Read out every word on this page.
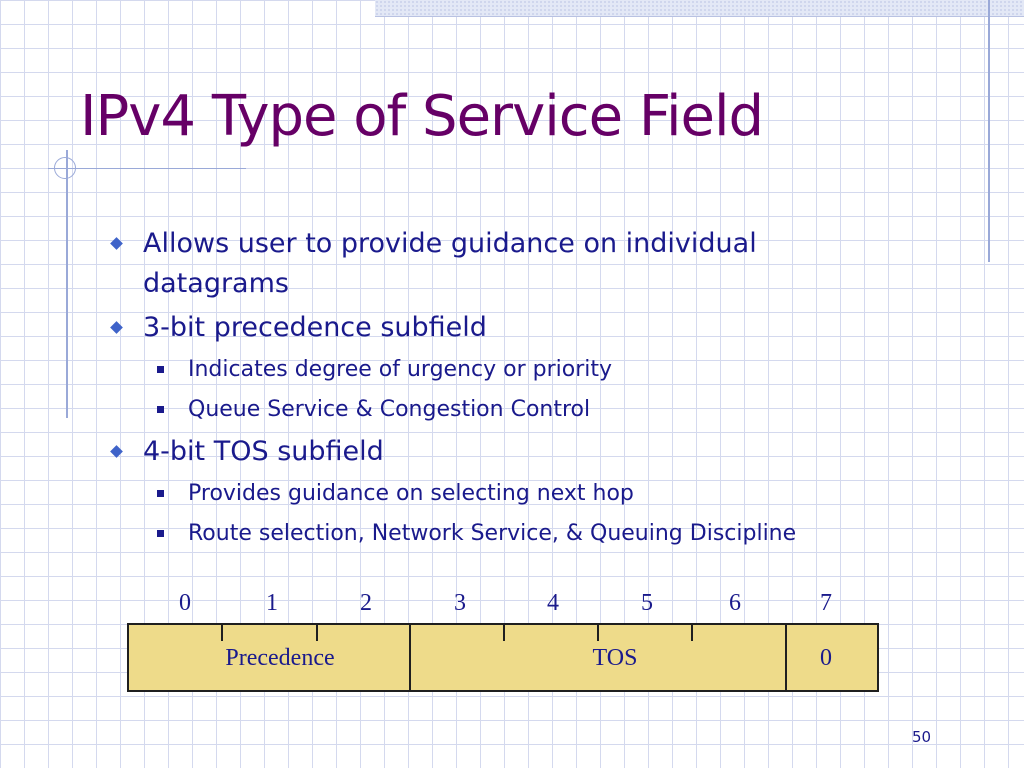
IPv4 Type of Service Field
Allows user to provide guidance on individual datagrams
3-bit precedence subfield
Indicates degree of urgency or priority
Queue Service & Congestion Control
4-bit TOS subfield
Provides guidance on selecting next hop
Route selection, Network Service, & Queuing Discipline
0	1	2	3	4	5	6	7
Precedence	TOS	0
50
